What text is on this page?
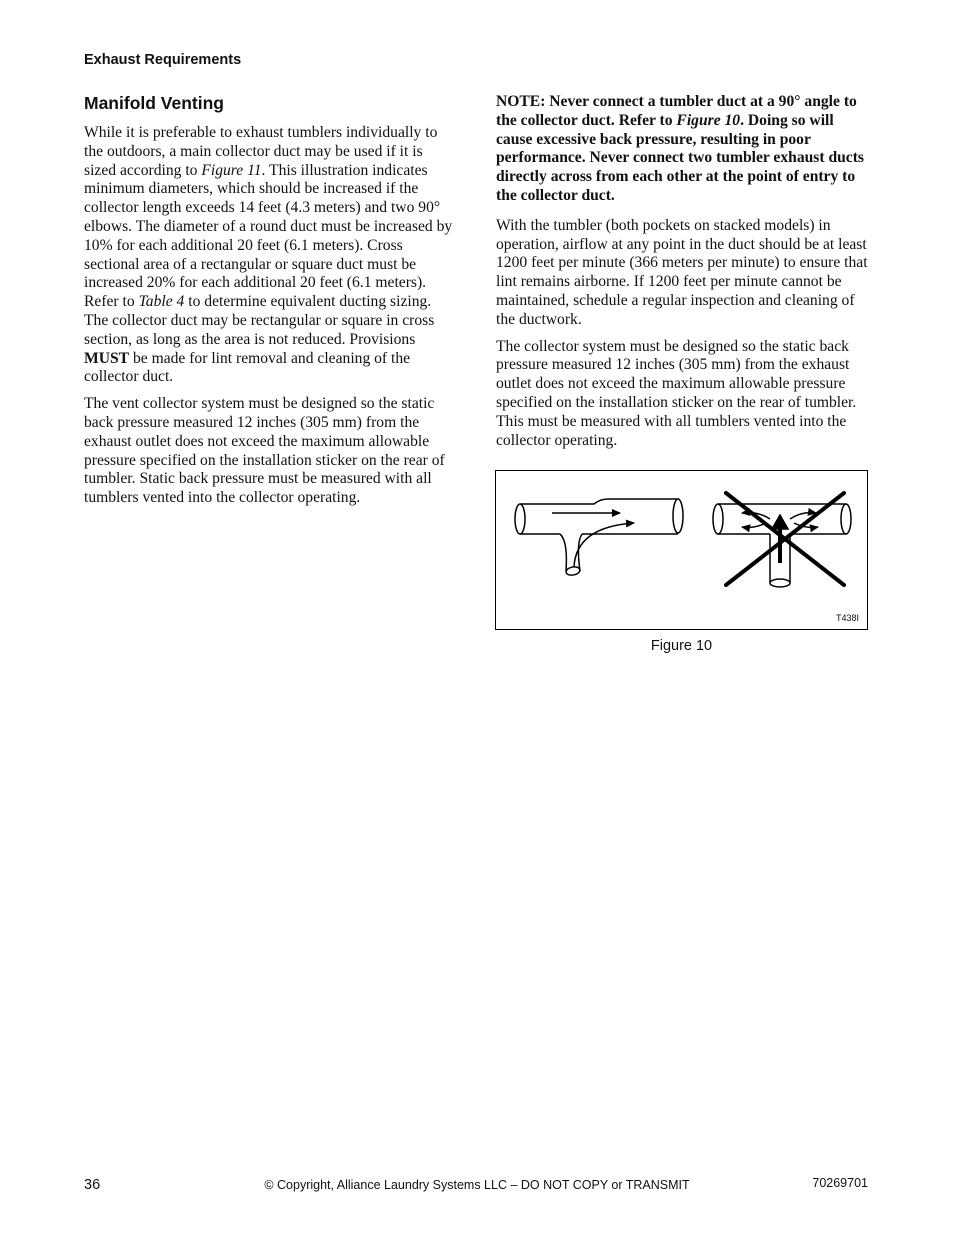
Exhaust Requirements
Manifold Venting

While it is preferable to exhaust tumblers individually to the outdoors, a main collector duct may be used if it is sized according to Figure 11. This illustration indicates minimum diameters, which should be increased if the collector length exceeds 14 feet (4.3 meters) and two 90° elbows. The diameter of a round duct must be increased by 10% for each additional 20 feet (6.1 meters). Cross sectional area of a rectangular or square duct must be increased 20% for each additional 20 feet (6.1 meters). Refer to Table 4 to determine equivalent ducting sizing. The collector duct may be rectangular or square in cross section, as long as the area is not reduced. Provisions MUST be made for lint removal and cleaning of the collector duct.

The vent collector system must be designed so the static back pressure measured 12 inches (305 mm) from the exhaust outlet does not exceed the maximum allowable pressure specified on the installation sticker on the rear of tumbler. Static back pressure must be measured with all tumblers vented into the collector operating.

NOTE: Never connect a tumbler duct at a 90° angle to the collector duct. Refer to Figure 10. Doing so will cause excessive back pressure, resulting in poor performance. Never connect two tumbler exhaust ducts directly across from each other at the point of entry to the collector duct.

With the tumbler (both pockets on stacked models) in operation, airflow at any point in the duct should be at least 1200 feet per minute (366 meters per minute) to ensure that lint remains airborne. If 1200 feet per minute cannot be maintained, schedule a regular inspection and cleaning of the ductwork.

The collector system must be designed so the static back pressure measured 12 inches (305 mm) from the exhaust outlet does not exceed the maximum allowable pressure specified on the installation sticker on the rear of tumbler. This must be measured with all tumblers vented into the collector operating.

T438I
Figure 10
36	© Copyright, Alliance Laundry Systems LLC – DO NOT COPY or TRANSMIT	70269701
